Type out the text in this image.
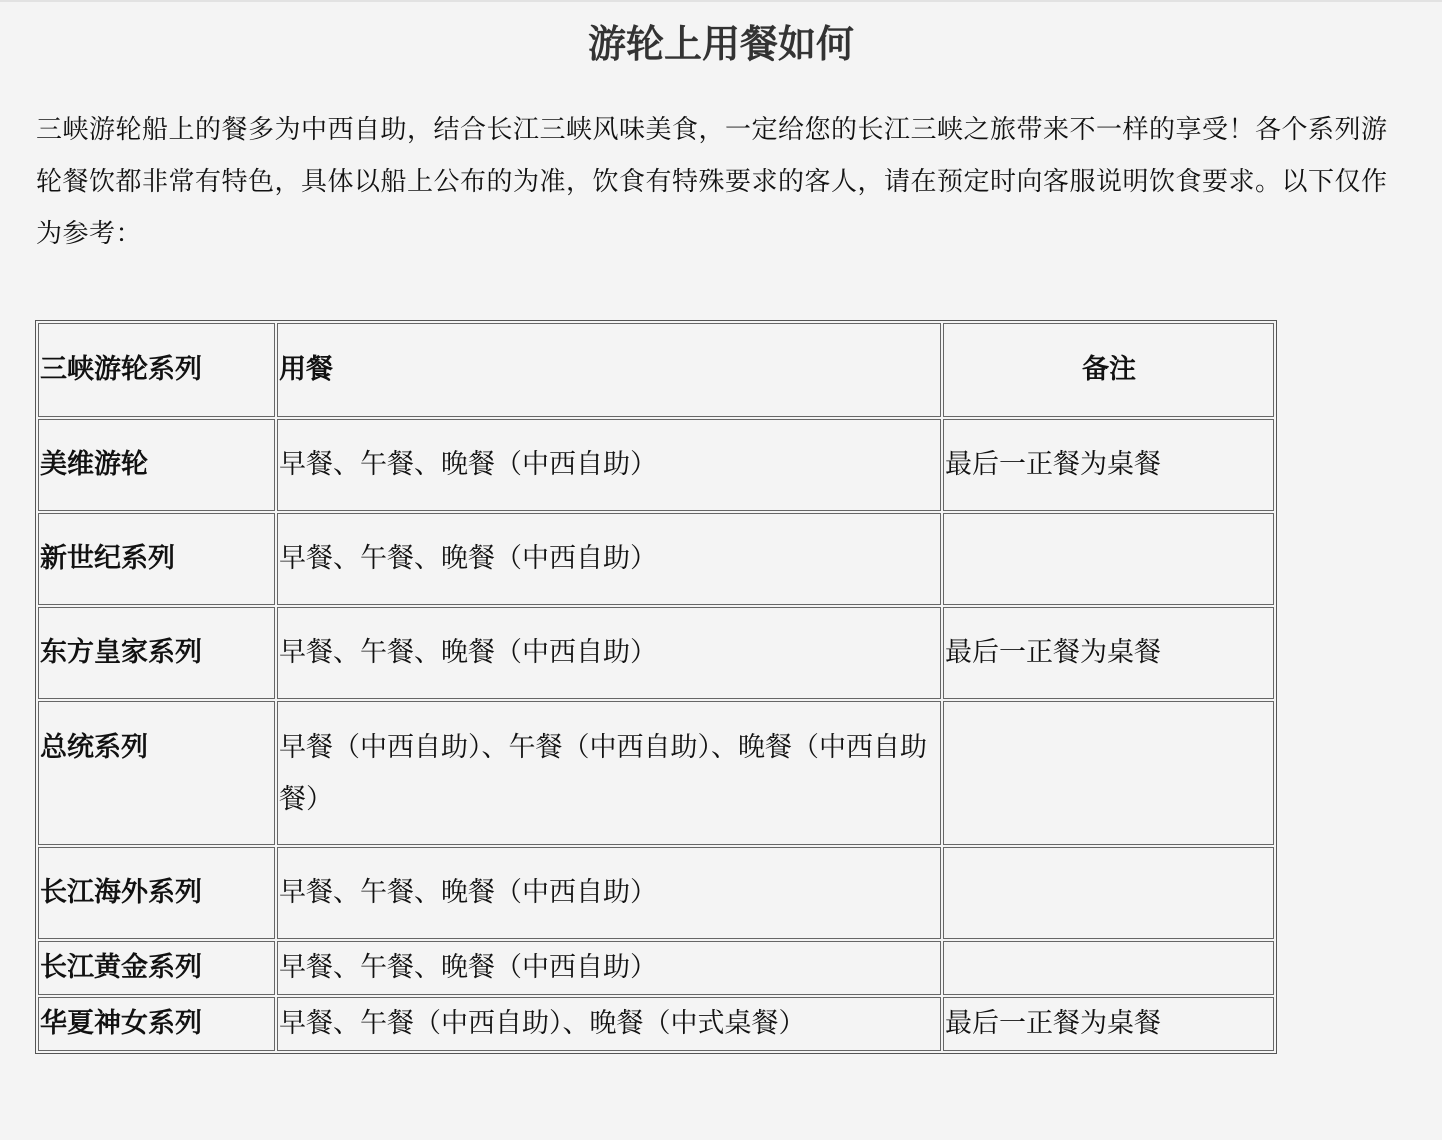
游轮上用餐如何

三峡游轮船上的餐多为中西自助，结合长江三峡风味美食，一定给您的长江三峡之旅带来不一样的享受！各个系列游轮餐饮都非常有特色，具体以船上公布的为准，饮食有特殊要求的客人，请在预定时向客服说明饮食要求。以下仅作为参考：

三峡游轮系列	用餐	备注
美维游轮	早餐、午餐、晚餐（中西自助）	最后一正餐为桌餐
新世纪系列	早餐、午餐、晚餐（中西自助）	
东方皇家系列	早餐、午餐、晚餐（中西自助）	最后一正餐为桌餐
总统系列	早餐（中西自助）、午餐（中西自助）、晚餐（中西自助餐）	
长江海外系列	早餐、午餐、晚餐（中西自助）	
长江黄金系列	早餐、午餐、晚餐（中西自助）	
华夏神女系列	早餐、午餐（中西自助）、晚餐（中式桌餐）	最后一正餐为桌餐
